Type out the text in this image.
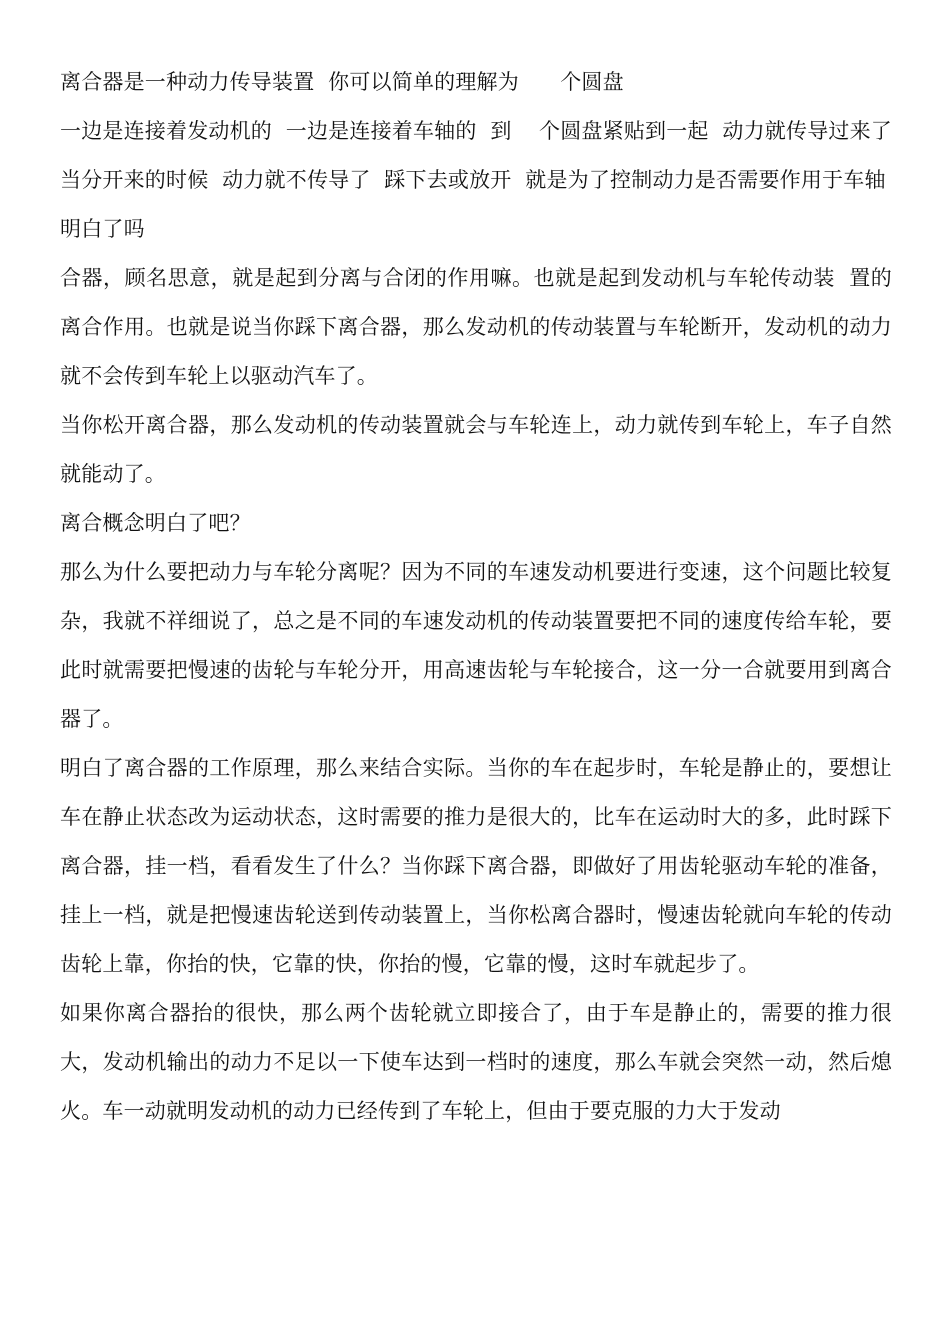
离合器是一种动力传导装置  你可以简单的理解为      个圆盘

一边是连接着发动机的  一边是连接着车轴的  到    个圆盘紧贴到一起  动力就传导过来了  当分开来的时候  动力就不传导了  踩下去或放开  就是为了控制动力是否需要作用于车轴

明白了吗

合器，顾名思意，就是起到分离与合闭的作用嘛。也就是起到发动机与车轮传动装  置的离合作用。也就是说当你踩下离合器，那么发动机的传动装置与车轮断开，发动机的动力就不会传到车轮上以驱动汽车了。

当你松开离合器，那么发动机的传动装置就会与车轮连上，动力就传到车轮上，车子自然就能动了。

离合概念明白了吧？

那么为什么要把动力与车轮分离呢？因为不同的车速发动机要进行变速，这个问题比较复杂，我就不祥细说了，总之是不同的车速发动机的传动装置要把不同的速度传给车轮，要此时就需要把慢速的齿轮与车轮分开，用高速齿轮与车轮接合，这一分一合就要用到离合器了。

明白了离合器的工作原理，那么来结合实际。当你的车在起步时，车轮是静止的，要想让车在静止状态改为运动状态，这时需要的推力是很大的，比车在运动时大的多，此时踩下离合器，挂一档，看看发生了什么？当你踩下离合器，即做好了用齿轮驱动车轮的准备，挂上一档，就是把慢速齿轮送到传动装置上，当你松离合器时，慢速齿轮就向车轮的传动齿轮上靠，你抬的快，它靠的快，你抬的慢，它靠的慢，这时车就起步了。

如果你离合器抬的很快，那么两个齿轮就立即接合了，由于车是静止的，需要的推力很大，发动机输出的动力不足以一下使车达到一档时的速度，那么车就会突然一动，然后熄火。车一动就明发动机的动力已经传到了车轮上，但由于要克服的力大于发动
